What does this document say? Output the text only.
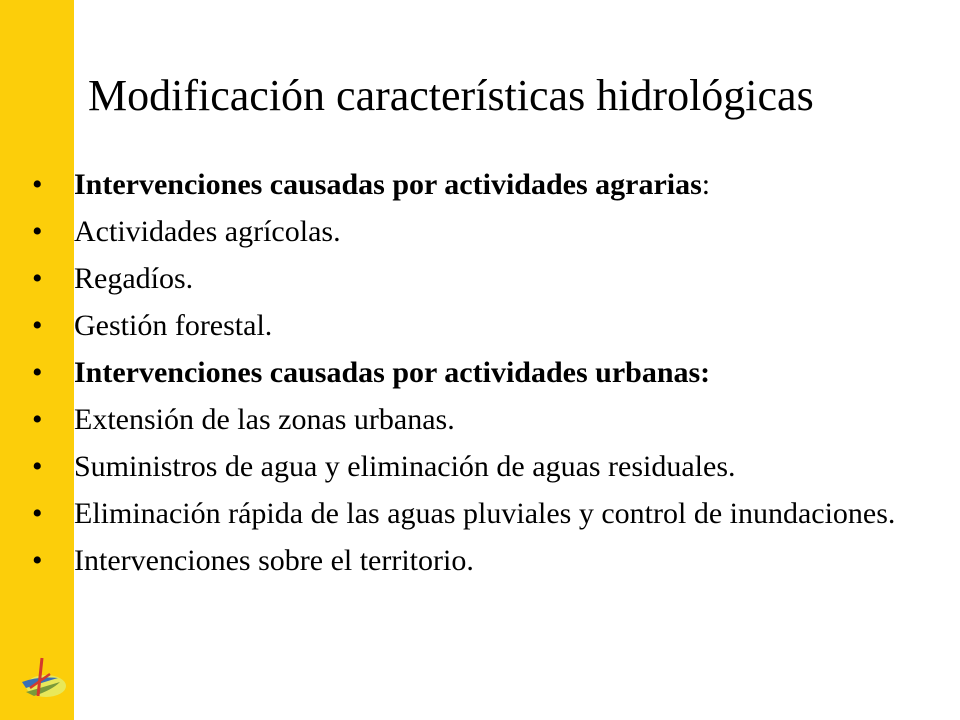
Modificación características hidrológicas
• Intervenciones causadas por actividades agrarias:
• Actividades agrícolas.
• Regadíos.
• Gestión forestal.
• Intervenciones causadas por actividades urbanas:
• Extensión de las zonas urbanas.
• Suministros de agua y eliminación de aguas residuales.
• Eliminación rápida de las aguas pluviales y control de inundaciones.
• Intervenciones sobre el territorio.
